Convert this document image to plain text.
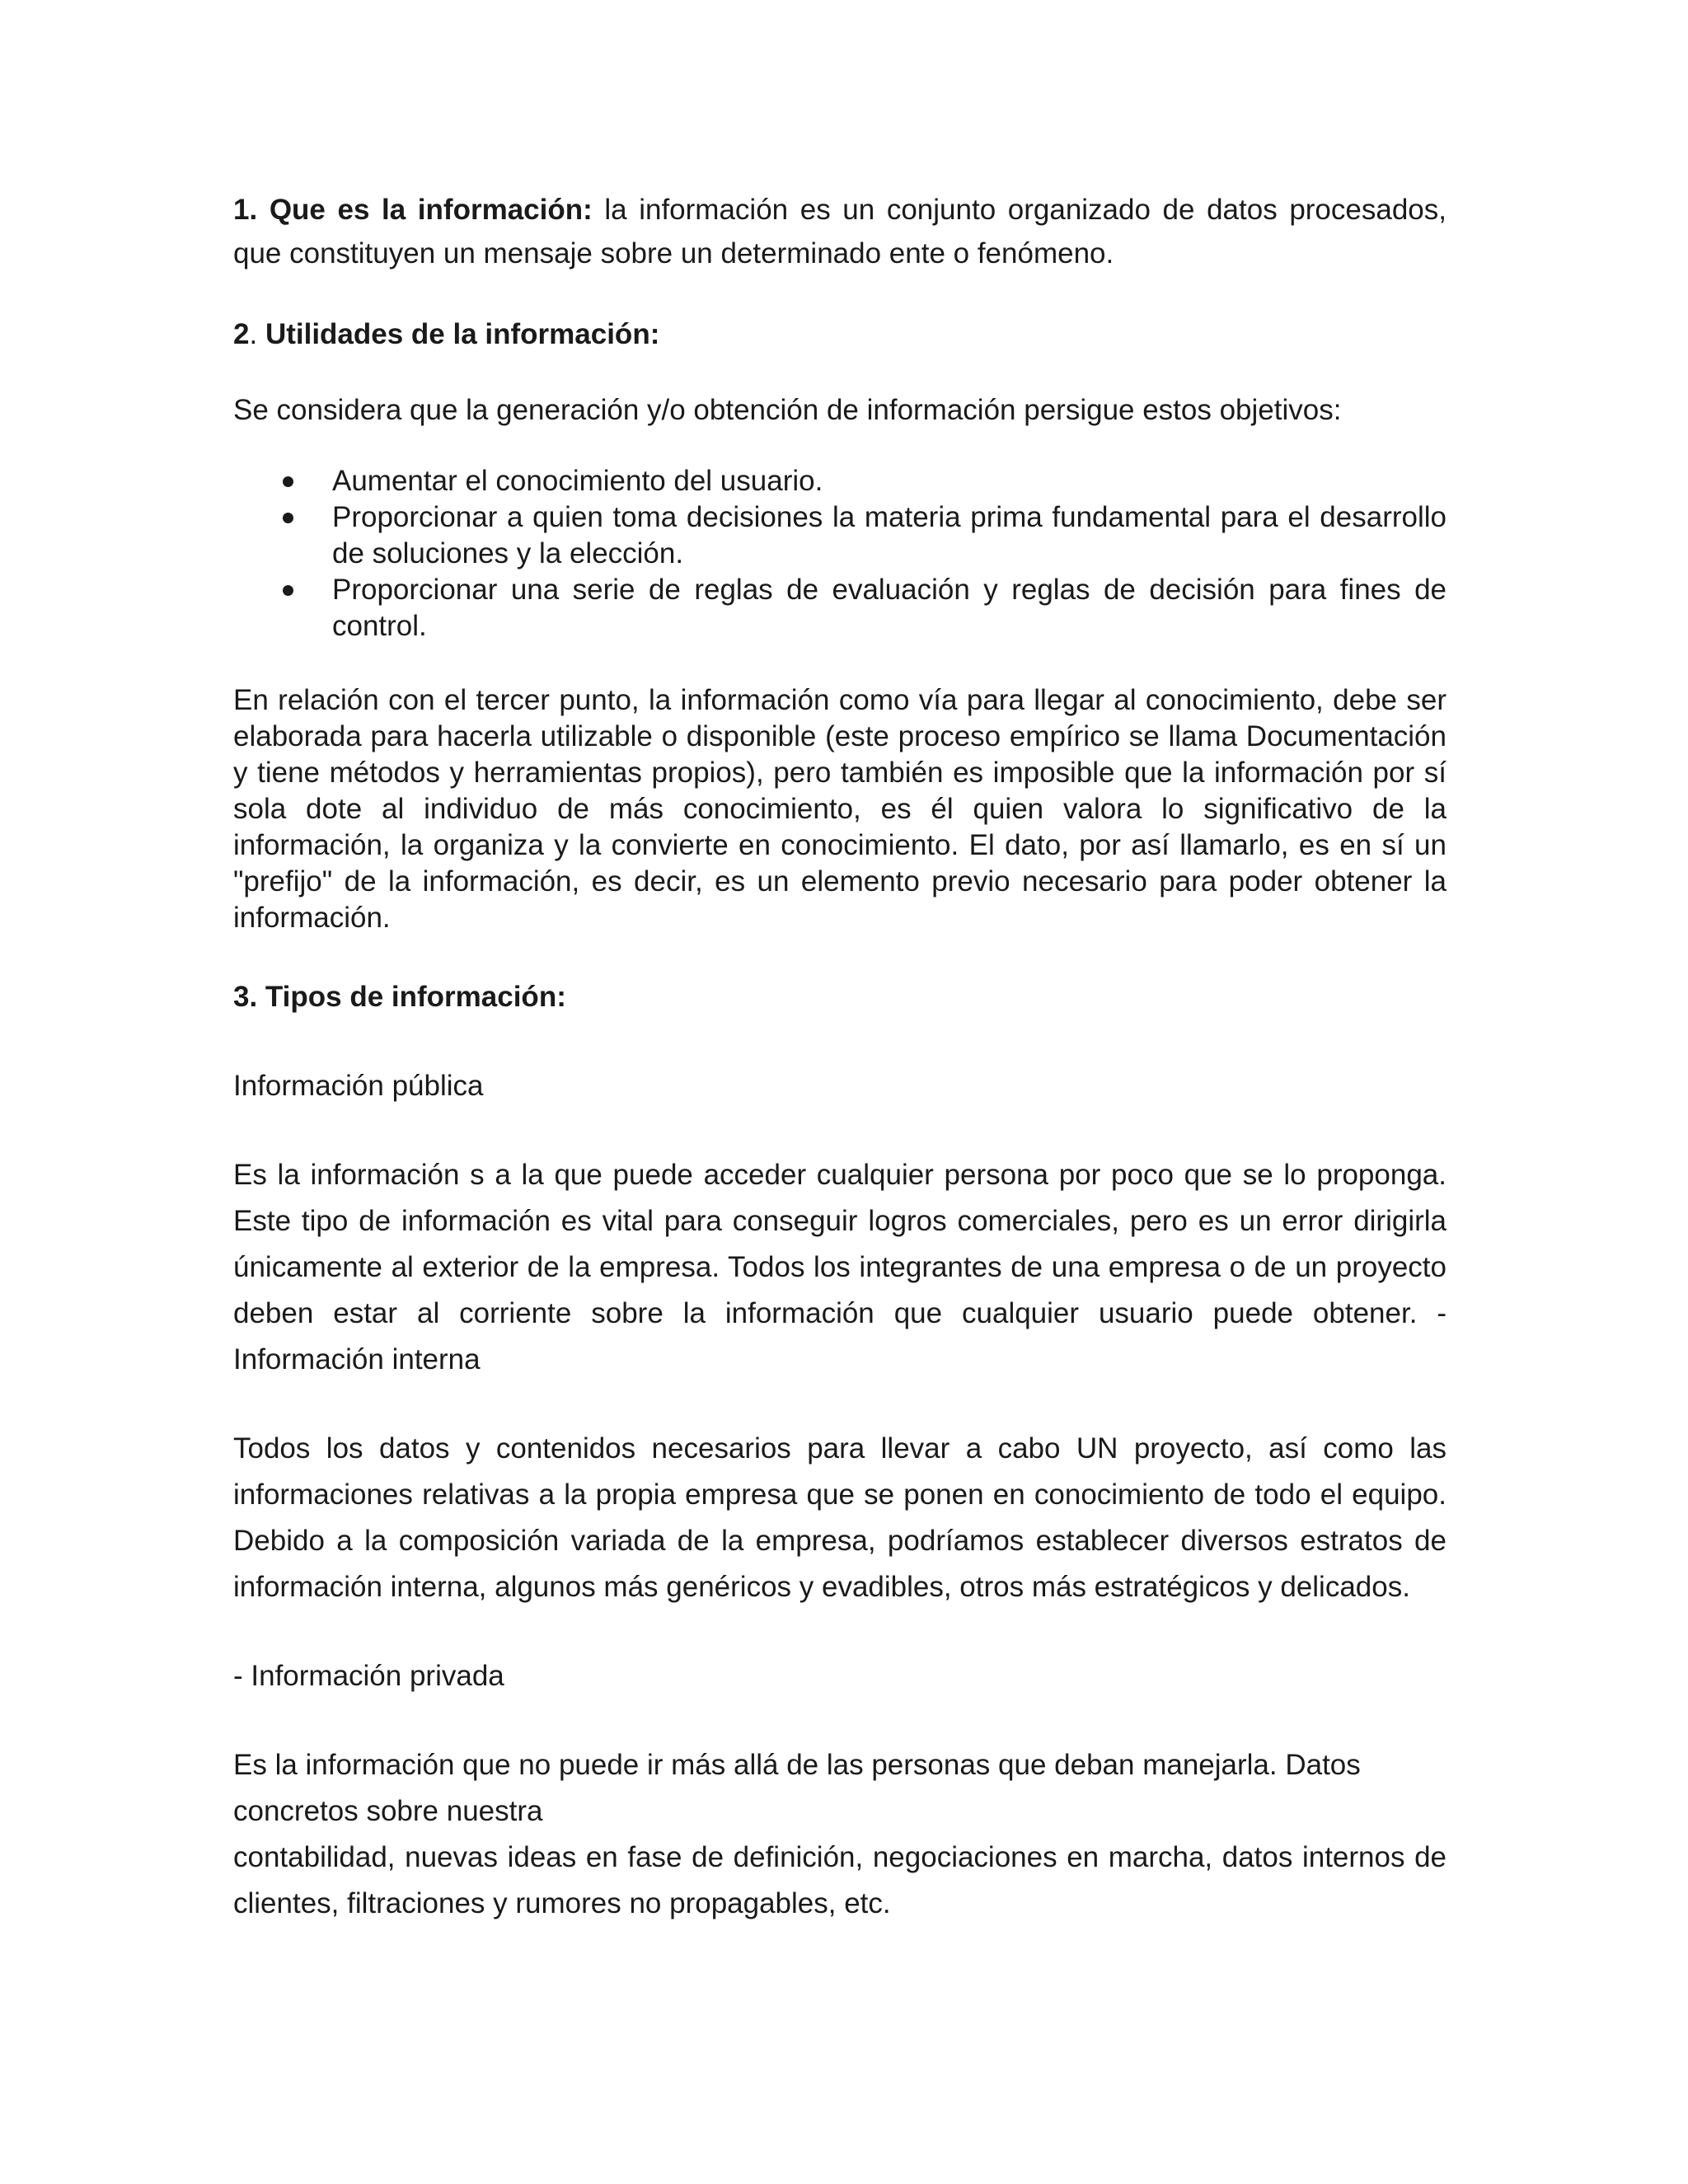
1. Que es la información: la información es un conjunto organizado de datos procesados, que constituyen un mensaje sobre un determinado ente o fenómeno.

2. Utilidades de la información:

Se considera que la generación y/o obtención de información persigue estos objetivos:

Aumentar el conocimiento del usuario.
Proporcionar a quien toma decisiones la materia prima fundamental para el desarrollo de soluciones y la elección.
Proporcionar una serie de reglas de evaluación y reglas de decisión para fines de control.

En relación con el tercer punto, la información como vía para llegar al conocimiento, debe ser elaborada para hacerla utilizable o disponible (este proceso empírico se llama Documentación y tiene métodos y herramientas propios), pero también es imposible que la información por sí sola dote al individuo de más conocimiento, es él quien valora lo significativo de la información, la organiza y la convierte en conocimiento. El dato, por así llamarlo, es en sí un "prefijo" de la información, es decir, es un elemento previo necesario para poder obtener la información.

3. Tipos de información:

Información pública

Es la información s a la que puede acceder cualquier persona por poco que se lo proponga. Este tipo de información es vital para conseguir logros comerciales, pero es un error dirigirla únicamente al exterior de la empresa. Todos los integrantes de una empresa o de un proyecto deben estar al corriente sobre la información que cualquier usuario puede obtener. - Información interna

Todos los datos y contenidos necesarios para llevar a cabo UN proyecto, así como las informaciones relativas a la propia empresa que se ponen en conocimiento de todo el equipo. Debido a la composición variada de la empresa, podríamos establecer diversos estratos de información interna, algunos más genéricos y evadibles, otros más estratégicos y delicados.

- Información privada

Es la información que no puede ir más allá de las personas que deban manejarla. Datos concretos sobre nuestra

contabilidad, nuevas ideas en fase de definición, negociaciones en marcha, datos internos de clientes, filtraciones y rumores no propagables, etc.
